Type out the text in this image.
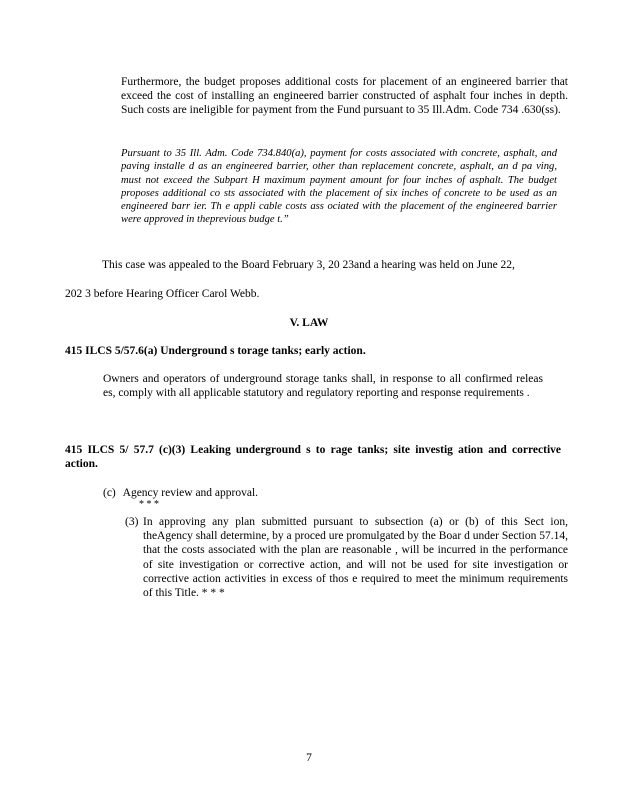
Furthermore, the budget proposes additional costs for placement of an engineered barrier that exceed the cost of installing an engineered barrier constructed of asphalt four inches in depth. Such costs are ineligible for payment from the Fund pursuant to 35 Ill.Adm. Code 734 .630(ss).

Pursuant to 35 Ill. Adm. Code 734.840(a), payment for costs associated with concrete, asphalt, and paving installe d as an engineered barrier, other than replacement concrete, asphalt, an d pa ving, must not exceed the Subpart H maximum payment amount for four inches of asphalt. The budget proposes additional co sts associated with the placement of six inches of concrete to be used as an engineered barr ier. Th e appli cable costs ass ociated with the placement of the engineered barrier were approved in theprevious budge t.”

This case was appealed to the Board February 3, 20 23and a hearing was held on June 22,
202 3 before Hearing Officer Carol Webb.
V. LAW
415 ILCS 5/57.6(a) Underground s torage tanks; early action.

Owners and operators of underground storage tanks shall, in response to all confirmed releas es, comply with all applicable statutory and regulatory reporting and response requirements .

415 ILCS 5/ 57.7 (c)(3) Leaking underground s to rage tanks; site investig ation and corrective action.

(c) Agency review and approval.
* * *
(3) In approving any plan submitted pursuant to subsection (a) or (b) of this Sect ion, theAgency shall determine, by a proced ure promulgated by the Boar d under Section 57.14, that the costs associated with the plan are reasonable , will be incurred in the performance of site investigation or corrective action, and will not be used for site investigation or corrective action activities in excess of thos e required to meet the minimum requirements of this Title. * * *

7
